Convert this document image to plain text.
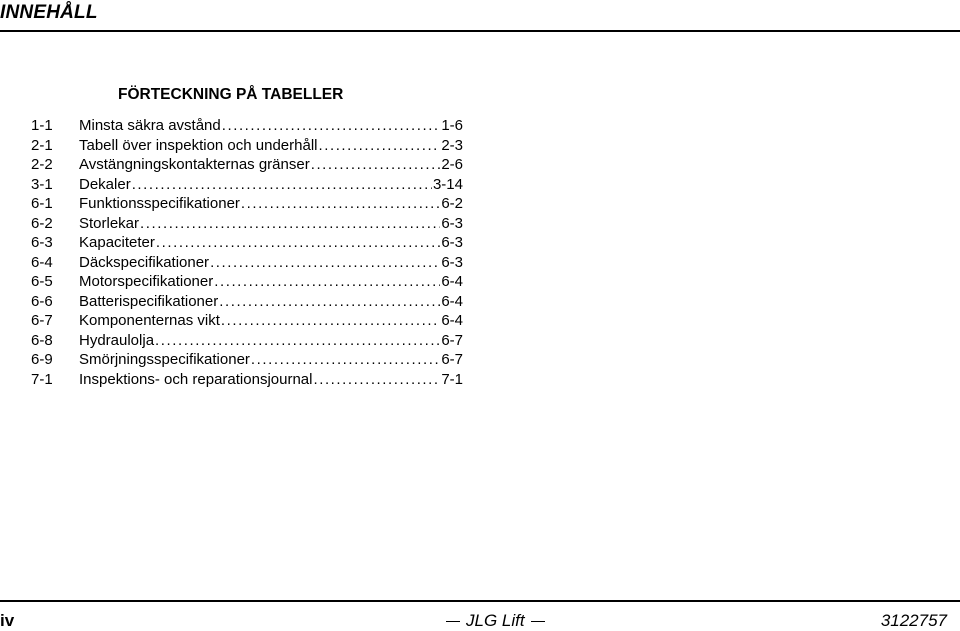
INNEHÅLL
FÖRTECKNING PÅ TABELLER
1-1	Minsta säkra avstånd . . .	1-6
2-1	Tabell över inspektion och underhåll . . .	2-3
2-2	Avstängningskontakternas gränser . . .	2-6
3-1	Dekaler . . .	3-14
6-1	Funktionsspecifikationer . . .	6-2
6-2	Storlekar . . .	6-3
6-3	Kapaciteter . . .	6-3
6-4	Däckspecifikationer . . .	6-3
6-5	Motorspecifikationer . . .	6-4
6-6	Batterispecifikationer . . .	6-4
6-7	Komponenternas vikt . . .	6-4
6-8	Hydraulolja . . .	6-7
6-9	Smörjningsspecifikationer . . .	6-7
7-1	Inspektions- och reparationsjournal . . .	7-1
iv	JLG Lift	3122757
